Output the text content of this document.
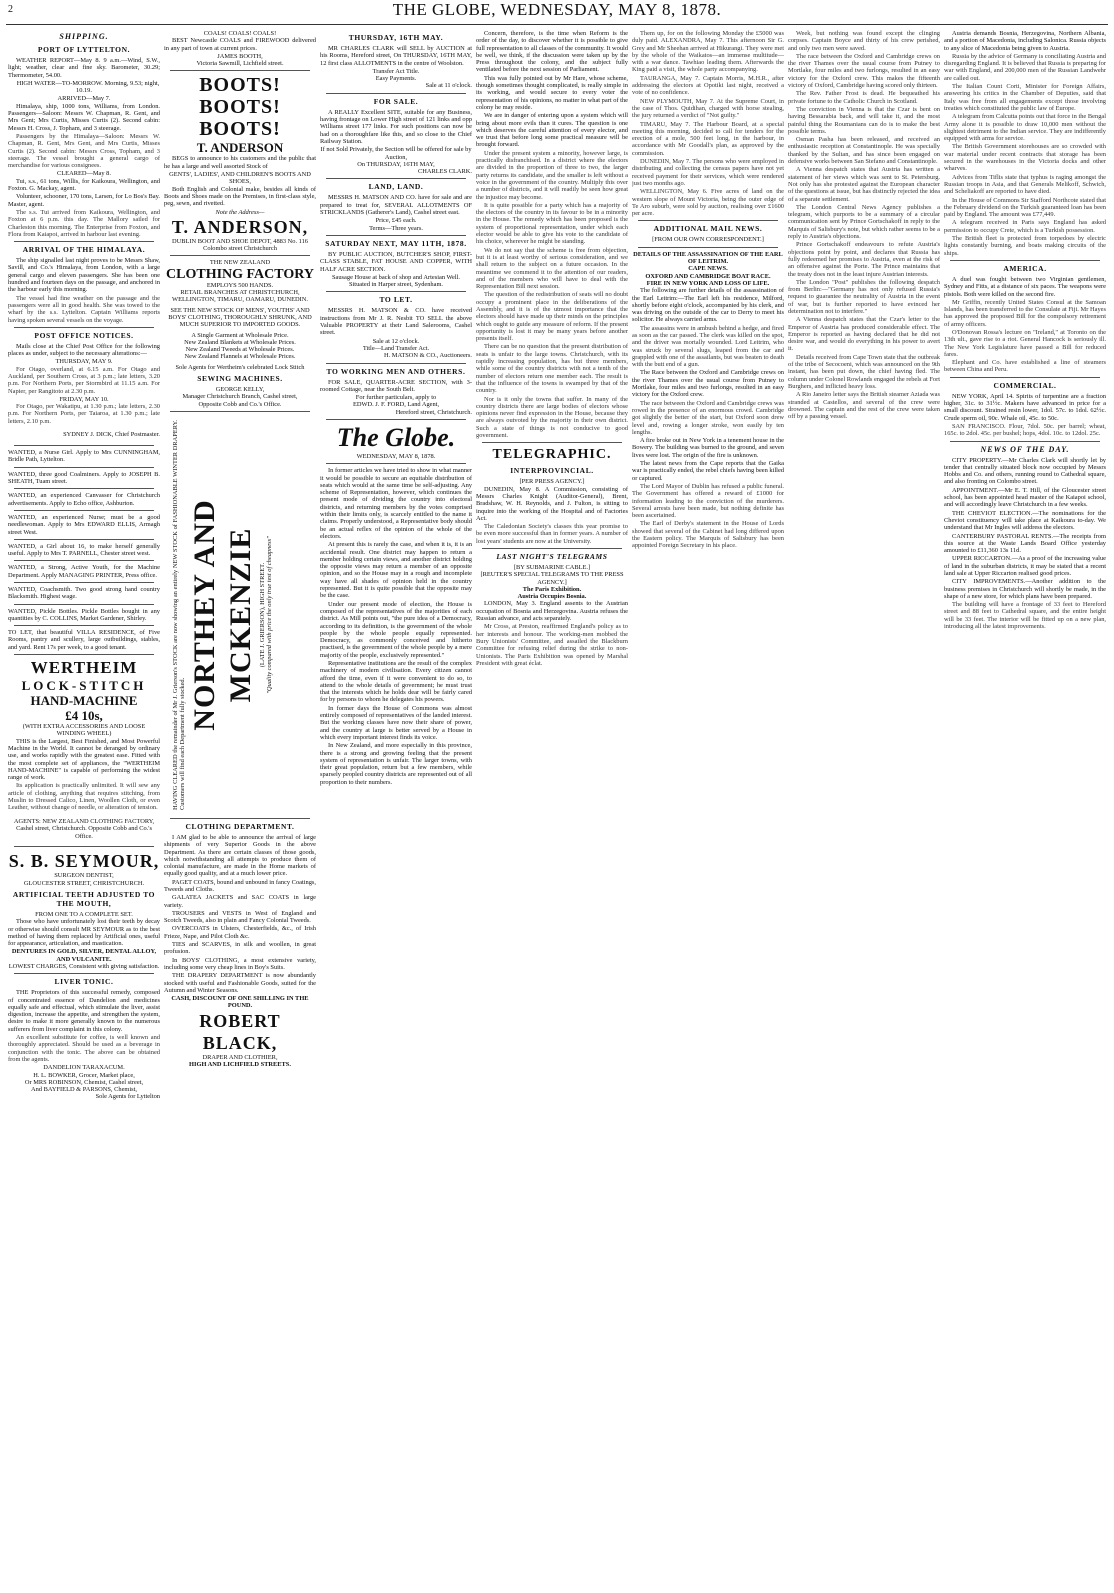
2	THE GLOBE, WEDNESDAY, MAY 8, 1878.
SHIPPING.
PORT OF LYTTELTON.

WEATHER REPORT—May 8. 9 a.m.—Wind, S.W., light; weather, clear and fine sky. Barometer, 30.29; Thermometer, 54.00.

HIGH WATER—TO-MORROW. Morning, 9.53; night, 10.19.

ARRIVED—May 7.

Himalaya, ship, 1000 tons, Williams, from London. Passengers—Saloon: Messrs W. Chapman, R. Gent, and Mrs Gent; Mrs Curtis, Misses Curtis (2). Second cabin: Messrs H. Cross, J. Topham, and 3 steerage.

Passengers by the Himalaya—Saloon: Messrs W. Chapman, R. Gent, Mrs Gent, and Mrs Curtis, Misses Curtis (2). Second cabin: Messrs Cross, Topham, and 3 steerage. The vessel brought a general cargo of merchandise for various consignees.

CLEARED—May 8.

Tui, s.s., 61 tons, Willis, for Kaikoura, Wellington, and Foxton. G. Mackay, agent.

Volunteer, schooner, 170 tons, Larsen, for Lo Bos's Bay. Master, agent.

The s.s. Tui arrived from Kaikoura, Wellington, and Foxton at 6 p.m. this day. The Mallory sailed for Charleston this morning. The Enterprise from Foxton, and Flora from Kaiapoi, arrived in harbour last evening.

ARRIVAL OF THE HIMALAYA.

The ship signalled last night proves to be Messrs Shaw, Savill, and Co.'s Himalaya, from London, with a large general cargo and eleven passengers. She has been one hundred and fourteen days on the passage, and anchored in the harbour early this morning.

The vessel had fine weather on the passage and the passengers were all in good health. She was towed to the wharf by the s.s. Lyttelton. Captain Williams reports having spoken several vessels on the voyage.

POST OFFICE NOTICES.

Mails close at the Chief Post Office for the following places as under, subject to the necessary alterations:—

THURSDAY, MAY 9.

For Otago, overland, at 6.15 a.m. For Otago and Auckland, per Southern Cross, at 3 p.m.; late letters, 3.20 p.m. For Northern Ports, per Stormbird at 11.15 a.m. For Napier, per Rangitoto at 2.30 p.m.

FRIDAY, MAY 10.

For Otago, per Wakatipu, at 1.30 p.m.; late letters, 2.30 p.m. For Northern Ports, per Taiaroa, at 1.30 p.m.; late letters, 2.10 p.m.

SYDNEY J. DICK, Chief Postmaster.

WANTED, a Nurse Girl. Apply to Mrs CUNNINGHAM, Bridle Path, Lyttelton.

WANTED, three good Coalminers. Apply to JOSEPH B. SHEATH, Tuam street.

WANTED, an experienced Canvasser for Christchurch advertisements. Apply to Echo office, Ashburton.

WANTED, an experienced Nurse; must be a good needlewoman. Apply to Mrs EDWARD ELLIS, Armagh street West.

WANTED, a Girl about 16, to make herself generally useful. Apply to Mrs T. PARNELL, Chester street west.

WANTED, a Strong, Active Youth, for the Machine Department. Apply MANAGING PRINTER, Press office.

WANTED, Coachsmith. Two good strong hand country Blacksmith. Highest wage.

WANTED, Pickle Bottles. Pickle Bottles bought in any quantities by C. COLLINS, Market Gardener, Shirley.

TO LET, that beautiful VILLA RESIDENCE, of Five Rooms, pantry and scullery, large outbuildings, stables, and yard. Rent 17s per week, to a good tenant.

WERTHEIM
LOCK-STITCH
HAND-MACHINE
£4 10s,
(WITH EXTRA ACCESSORIES AND LOOSE WINDING WHEEL)

THIS is the Largest, Best Finished, and Most Powerful Machine in the World. It cannot be deranged by ordinary use, and works rapidly with the greatest ease. Fitted with the most complete set of appliances, the "WERTHEIM HAND-MACHINE" is capable of performing the widest range of work.

Its application is practically unlimited. It will sew any article of clothing, anything that requires stitching, from Muslin to Dressed Calico, Linen, Woollen Cloth, or even Leather, without change of needle, or alteration of tension.

AGENTS: NEW ZEALAND CLOTHING FACTORY, Cashel street, Christchurch. Opposite Cobb and Co.'s Office.

S. B. SEYMOUR,
SURGEON DENTIST,
GLOUCESTER STREET, CHRISTCHURCH.
ARTIFICIAL TEETH ADJUSTED TO THE MOUTH,
FROM ONE TO A COMPLETE SET.

Those who have unfortunately lost their teeth by decay or otherwise should consult MR SEYMOUR as to the best method of having them replaced by Artificial ones, useful for appearance, articulation, and mastication.

DENTURES IN GOLD, SILVER, DENTAL ALLOY, AND VULCANITE.
LOWEST CHARGES, Consistent with giving satisfaction.
LIVER TONIC.

THE Proprietors of this successful remedy, composed of concentrated essence of Dandelion and medicines equally safe and effectual, which stimulate the liver, assist digestion, increase the appetite, and strengthen the system, desire to make it more generally known to the numerous sufferers from liver complaint in this colony.

An excellent substitute for coffee, is well known and thoroughly appreciated. Should be used as a beverage in conjunction with the tonic. The above can be obtained from the agents.

DANDELION TARAXACUM.
H. L. BOWKER, Grocer, Market place,
Or MRS ROBINSON, Chemist, Cashel street,
And BAYFIELD & PARSONS, Chemist,
Sole Agents for Lyttelton
COALS! COALS! COALS!

BEST Newcastle COALS and FIREWOOD delivered in any part of town at current prices.

JAMES BOOTH,
Victoria Sawmill, Lichfield street.
BOOTS! BOOTS!
BOOTS!
T. ANDERSON

BEGS to announce to his customers and the public that he has a large and well assorted Stock of

GENTS', LADIES', AND CHILDREN'S BOOTS AND SHOES,

Both English and Colonial make, besides all kinds of Boots and Shoes made on the Premises, in first-class style, peg, sewn, and rivetted.

Note the Address—
T. ANDERSON,
DUBLIN BOOT AND SHOE DEPOT, 4883 No. 116 Colombo street Christchurch
THE NEW ZEALAND
CLOTHING FACTORY
EMPLOYS 500 HANDS.
RETAIL BRANCHES AT CHRISTCHURCH, WELLINGTON, TIMARU, OAMARU, DUNEDIN.
SEE THE NEW STOCK OF MENS', YOUTHS' AND BOYS' CLOTHING, THOROUGHLY SHRUNK, AND MUCH SUPERIOR TO IMPORTED GOODS.
A Single Garment at Wholesale Price.
New Zealand Blankets at Wholesale Prices.
New Zealand Tweeds at Wholesale Prices.
New Zealand Flannels at Wholesale Prices.
Sole Agents for Wertheim's celebrated Lock Stitch
SEWING MACHINES.
GEORGE KELLY,
Manager Christchurch Branch, Cashel street,
Opposite Cobb and Co.'s Office.
HAVING CLEARED the remainder of Mr J. Grierson's STOCK are now showing an entirely NEW STOCK of FASHIONABLE WINTER DRAPERY. Customers will find each Department fully stocked.
NORTHEY AND MCKENZIE (LATE J. GRIERSON), HIGH STREET. "Quality compared with price the only true test of cheapness"
CLOTHING DEPARTMENT.

I AM glad to be able to announce the arrival of large shipments of very Superior Goods in the above Department. As there are certain classes of those goods, which notwithstanding all attempts to produce them of colonial manufacture, are made in the Home markets of equally good quality, and at a much lower price.

PAGET COATS, bound and unbound in fancy Coatings, Tweeds and Cloths.

GALATEA JACKETS and SAC COATS in large variety.

TROUSERS and VESTS in West of England and Scotch Tweeds, also in plain and Fancy Colonial Tweeds.

OVERCOATS in Ulsters, Chesterfields, &c., of Irish Frieze, Nape, and Pilot Cloth &c.

TIES and SCARVES, in silk and woollen, in great profusion.

In BOYS' CLOTHING, a most extensive variety, including some very cheap lines in Boy's Suits.

THE DRAPERY DEPARTMENT is now abundantly stocked with useful and Fashionable Goods, suited for the Autumn and Winter Seasons.

CASH, DISCOUNT OF ONE SHILLING IN THE POUND.
ROBERT BLACK,
DRAPER AND CLOTHIER,
HIGH AND LICHFIELD STREETS.
THURSDAY, 16TH MAY.
MR CHARLES CLARK will SELL by AUCTION at his Rooms, Hereford street, On THURSDAY, 16TH MAY, 12 first class ALLOTMENTS in the centre of Woolston.
Transfer Act Title.
Easy Payments.
Sale at 11 o'clock.
FOR SALE.
A REALLY Excellent SITE, suitable for any Business, having frontage on Lower High street of 121 links and opp Williams street 177 links. For such positions can now be had on a thoroughfare like this, and so close to the Chief Railway Station.
If not Sold Privately, the Section will be offered for sale by Auction,
On THURSDAY, 16TH MAY,
CHARLES CLARK.
LAND, LAND.
MESSRS H. MATSON AND CO. have for sale and are prepared to treat for, SEVERAL ALLOTMENTS OF STRICKLANDS (Gatherer's Land), Cashel street east.
Price, £45 each.
Terms—Three years.
SATURDAY NEXT, MAY 11TH, 1878.
BY PUBLIC AUCTION, BUTCHER'S SHOP, FIRST-CLASS STABLE, FAT HOUSE AND COPPER, WITH HALF ACRE SECTION.
Sausage House at back of shop and Artesian Well.
Situated in Harper street, Sydenham.
TO LET.
MESSRS H. MATSON & CO. have received instructions from Mr J. R. Nesbit TO SELL the above Valuable PROPERTY at their Land Salerooms, Cashel street.
Sale at 12 o'clock.
Title—Land Transfer Act.
H. MATSON & CO., Auctioneers.
TO WORKING MEN AND OTHERS.
FOR SALE, QUARTER-ACRE SECTION, with 3-roomed Cottage, near the South Belt.
For further particulars, apply to
EDWD. J. F. FORD, Land Agent,
Hereford street, Christchurch.
The Globe.
WEDNESDAY, MAY 8, 1878.

In former articles we have tried to show in what manner it would be possible to secure an equitable distribution of seats which would at the same time be self-adjusting. Any scheme of Representation, however, which continues the present mode of dividing the country into electoral districts, and returning members by the votes comprised within their limits only, is scarcely entitled to the name it claims. Properly understood, a Representative body should be an actual reflex of the opinion of the whole of the electors.

At present this is rarely the case, and when it is, it is an accidental result. One district may happen to return a member holding certain views, and another district holding the opposite views may return a member of an opposite opinion, and so the House may in a rough and incomplete way have all shades of opinion held in the country represented. But it is quite possible that the opposite may be the case.

Under our present mode of election, the House is composed of the representatives of the majorities of each district. As Mill points out, "the pure idea of a Democracy, according to its definition, is the government of the whole people by the whole people equally represented. Democracy, as commonly conceived and hitherto practised, is the government of the whole people by a mere majority of the people, exclusively represented."

Representative institutions are the result of the complex machinery of modern civilisation. Every citizen cannot afford the time, even if it were convenient to do so, to attend to the whole details of government; he must trust that the interests which he holds dear will be fairly cared for by persons to whom he delegates his powers.

In former days the House of Commons was almost entirely composed of representatives of the landed interest. But the working classes have now their share of power, and the country at large is better served by a House in which every important interest finds its voice.

In New Zealand, and more especially in this province, there is a strong and growing feeling that the present system of representation is unfair. The larger towns, with their great population, return but a few members, while sparsely peopled country districts are represented out of all proportion to their numbers.

Concern, therefore, is the time when Reform is the order of the day, to discover whether it is possible to give full representation to all classes of the community. It would be well, we think, if the discussion were taken up by the Press throughout the colony, and the subject fully ventilated before the next session of Parliament.

This was fully pointed out by Mr Hare, whose scheme, though sometimes thought complicated, is really simple in its working, and would secure to every voter the representation of his opinions, no matter in what part of the colony he may reside.

We are in danger of entering upon a system which will bring about more evils than it cures. The question is one which deserves the careful attention of every elector, and we trust that before long some practical measure will be brought forward.

Under the present system a minority, however large, is practically disfranchised. In a district where the electors are divided in the proportion of three to two, the larger party returns its candidate, and the smaller is left without a voice in the government of the country. Multiply this over a number of districts, and it will readily be seen how great the injustice may become.

It is quite possible for a party which has a majority of the electors of the country in its favour to be in a minority in the House. The remedy which has been proposed is the system of proportional representation, under which each elector would be able to give his vote to the candidate of his choice, wherever he might be standing.

We do not say that the scheme is free from objection, but it is at least worthy of serious consideration, and we shall return to the subject on a future occasion. In the meantime we commend it to the attention of our readers, and of the members who will have to deal with the Representation Bill next session.

The question of the redistribution of seats will no doubt occupy a prominent place in the deliberations of the Assembly, and it is of the utmost importance that the electors should have made up their minds on the principles which ought to guide any measure of reform. If the present opportunity is lost it may be many years before another presents itself.

There can be no question that the present distribution of seats is unfair to the large towns. Christchurch, with its rapidly increasing population, has but three members, while some of the country districts with not a tenth of the number of electors return one member each. The result is that the influence of the towns is swamped by that of the country.

Nor is it only the towns that suffer. In many of the country districts there are large bodies of electors whose opinions never find expression in the House, because they are always outvoted by the majority in their own district. Such a state of things is not conducive to good government.

TELEGRAPHIC.
INTERPROVINCIAL.
[PER PRESS AGENCY.]

DUNEDIN, May 8. A Commission, consisting of Messrs Charles Knight (Auditor-General), Brent, Bradshaw, W. H. Reynolds, and J. Fulton, is sitting to inquire into the working of the Hospital and of Factories Act.

The Caledonian Society's classes this year promise to be even more successful than in former years. A number of lost years' students are now at the University.

LAST NIGHT'S TELEGRAMS
[BY SUBMARINE CABLE.]
[REUTER'S SPECIAL TELEGRAMS TO THE PRESS AGENCY.]
The Paris Exhibition.
Austria Occupies Bosnia.

LONDON, May 3. England assents to the Austrian occupation of Bosnia and Herzegovina. Austria refuses the Russian advance, and acts separately.

Mr Cross, at Preston, reaffirmed England's policy as to her interests and honour. The working-men mobbed the Bury Unionists' Committee, and assailed the Blackburn Committee for refusing relief during the strike to non-Unionists. The Paris Exhibition was opened by Marshal President with great éclat.

Them up, for on the following Monday the £5000 was duly paid. ALEXANDRA, May 7. This afternoon Sir G. Grey and Mr Sheehan arrived at Hikurangi. They were met by the whole of the Waikatos—an immense multitude—with a war dance. Tawhiao leading them. Afterwards the King paid a visit, the whole party accompanying.

TAURANGA, May 7. Captain Morris, M.H.R., after addressing the electors at Opotiki last night, received a vote of no confidence.

NEW PLYMOUTH, May 7. At the Supreme Court, in the case of Thos. Quidihan, charged with horse stealing, the jury returned a verdict of "Not guilty."

TIMARU, May 7. The Harbour Board, at a special meeting this morning, decided to call for tenders for the erection of a mole, 500 feet long, in the harbour, in accordance with Mr Goodall's plan, as approved by the commission.

DUNEDIN, May 7. The persons who were employed in distributing and collecting the census papers have not yet received payment for their services, which were rendered just two months ago.

WELLINGTON, May 6. Five acres of land on the western slope of Mount Victoria, being the outer edge of Te Aro suburb, were sold by auction, realising over £1600 per acre.

ADDITIONAL MAIL NEWS.
[FROM OUR OWN CORRESPONDENT.]
DETAILS OF THE ASSASSINATION OF THE EARL OF LEITRIM.
CAPE NEWS.
OXFORD AND CAMBRIDGE BOAT RACE.
FIRE IN NEW YORK AND LOSS OF LIFE.

The following are further details of the assassination of the Earl Leitrim:—The Earl left his residence, Milford, shortly before eight o'clock, accompanied by his clerk, and was driving on the outside of the car to Derry to meet his solicitor. He always carried arms.

The assassins were in ambush behind a hedge, and fired as soon as the car passed. The clerk was killed on the spot, and the driver was mortally wounded. Lord Leitrim, who was struck by several slugs, leaped from the car and grappled with one of the assailants, but was beaten to death with the butt end of a gun.

The Race between the Oxford and Cambridge crews on the river Thames over the usual course from Putney to Mortlake, four miles and two furlongs, resulted in an easy victory for the Oxford crew.

The race between the Oxford and Cambridge crews was rowed in the presence of an enormous crowd. Cambridge got slightly the better of the start, but Oxford soon drew level and, rowing a longer stroke, won easily by ten lengths.

A fire broke out in New York in a tenement house in the Bowery. The building was burned to the ground, and seven lives were lost. The origin of the fire is unknown.

The latest news from the Cape reports that the Gaika war is practically ended, the rebel chiefs having been killed or captured.

The Lord Mayor of Dublin has refused a public funeral. The Government has offered a reward of £1000 for information leading to the conviction of the murderers. Several arrests have been made, but nothing definite has been ascertained.

The Earl of Derby's statement in the House of Lords showed that several of the Cabinet had long differed upon the Eastern policy. The Marquis of Salisbury has been appointed Foreign Secretary in his place.

Week, but nothing was found except the clinging corpses. Captain Boyce and thirty of his crew perished, and only two men were saved.

The race between the Oxford and Cambridge crews on the river Thames over the usual course from Putney to Mortlake, four miles and two furlongs, resulted in an easy victory for the Oxford crew. This makes the fifteenth victory of Oxford, Cambridge having scored only thirteen.

The Rev. Father Frost is dead. He bequeathed his private fortune to the Catholic Church in Scotland.

The conviction in Vienna is that the Czar is bent on having Bessarabia back, and will take it, and the most painful thing the Roumanians can do is to make the best possible terms.

Osman Pasha has been released, and received an enthusiastic reception at Constantinople. He was specially thanked by the Sultan, and has since been engaged on defensive works between San Stefano and Constantinople.

A Vienna despatch states that Austria has written a statement of her views which was sent to St. Petersburg. Not only has she protested against the European character of the questions at issue, but has distinctly rejected the idea of a separate settlement.

The London Central News Agency publishes a telegram, which purports to be a summary of a circular communication sent by Prince Gortschakoff in reply to the Marquis of Salisbury's note, but which rather seems to be a reply to Austria's objections.

Prince Gortschakoff endeavours to refute Austria's objections point by point, and declares that Russia has fully redeemed her promises to Austria, even at the risk of an offensive against the Porte. The Prince maintains that the treaty does not in the least injure Austrian interests.

The London "Post" publishes the following despatch from Berlin:—"Germany has not only refused Russia's request to guarantee the neutrality of Austria in the event of war, but is further reported to have evinced her determination not to interfere."

A Vienna despatch states that the Czar's letter to the Emperor of Austria has produced considerable effect. The Emperor is reported as having declared that he did not desire war, and would do everything in his power to avert it.

Details received from Cape Town state that the outbreak of the tribe of Secocoeni, which was announced on the 9th instant, has been put down, the chief having fled. The column under Colonel Rowlands engaged the rebels at Fort Burghers, and inflicted heavy loss.

A Rio Janeiro letter says the British steamer Aziada was stranded at Castellos, and several of the crew were drowned. The captain and the rest of the crew were taken off by a passing vessel.

Austria demands Bosnia, Herzegovina, Northern Albania, and a portion of Macedonia, including Salonica. Russia objects to any slice of Macedonia being given to Austria.

Russia by the advice of Germany is conciliating Austria and disregarding England. It is believed that Russia is preparing for war with England, and 200,000 men of the Russian Landwehr are called out.

The Italian Count Corti, Minister for Foreign Affairs, answering his critics in the Chamber of Deputies, said that Italy was free from all engagements except those involving treaties which constituted the public law of Europe.

A telegram from Calcutta points out that force in the Bengal Army alone it is possible to draw 10,000 men without the slightest detriment to the Indian service. They are indifferently equipped with arms for service.

The British Government storehouses are so crowded with war material under recent contracts that storage has been secured in the warehouses in the Victoria docks and other wharves.

Advices from Tiflis state that typhus is raging amongst the Russian troops in Asia, and that Generals Melikoff, Schwich, and Scheliakoff are reported to have died.

In the House of Commons Sir Stafford Northcote stated that the February dividend on the Turkish guaranteed loan has been paid by England. The amount was £77,449.

A telegram received in Paris says England has asked permission to occupy Crete, which is a Turkish possession.

The British fleet is protected from torpedoes by electric lights constantly burning, and boats making circuits of the ships.

AMERICA.

A duel was fought between two Virginian gentlemen, Sydney and Fitts, at a distance of six paces. The weapons were pistols. Both were killed on the second fire.

Mr Griffin, recently United States Consul at the Samoan Islands, has been transferred to the Consulate at Fiji. Mr Hayes has approved the proposed Bill for the compulsory retirement of army officers.

O'Donovan Rossa's lecture on "Ireland," at Toronto on the 13th ult., gave rise to a riot. General Hancock is seriously ill. The New York Legislature have passed a Bill for reduced fares.

Elephant and Co. have established a line of steamers between China and Peru.

COMMERCIAL.

NEW YORK, April 14. Spirits of turpentine are a fraction higher, 31c. to 31½c. Makers have advanced in price for a small discount. Strained resin lower, 1dol. 57c. to 1dol. 62½c. Crude sperm oil, 90c. Whale oil, 45c. to 50c.

SAN FRANCISCO. Flour, 7dol. 50c. per barrel; wheat, 165c. to 2dol. 45c. per bushel; hops, 4dol. 10c. to 12dol. 25c.

NEWS OF THE DAY.

CITY PROPERTY.—Mr Charles Clark will shortly let by tender that centrally situated block now occupied by Messrs Hobbs and Co. and others, running round to Cathedral square, and also fronting on Colombo street.

APPOINTMENT.—Mr E. T. Hill, of the Gloucester street school, has been appointed head master of the Kaiapoi school, and will accordingly leave Christchurch in a few weeks.

THE CHEVIOT ELECTION.—The nominations for the Cheviot constituency will take place at Kaikoura to-day. We understand that Mr Ingles will address the electors.

CANTERBURY PASTORAL RENTS.—The receipts from this source at the Waste Lands Board Office yesterday amounted to £11,360 13s 11d.

UPPER RICCARTON.—As a proof of the increasing value of land in the suburban districts, it may be stated that a recent land sale at Upper Riccarton realised good prices.

CITY IMPROVEMENTS.—Another addition to the business premises in Christchurch will shortly be made, in the shape of a new store, for which plans have been prepared.

The building will have a frontage of 33 feet to Hereford street and 88 feet to Cathedral square, and the entire height will be 33 feet. The interior will be fitted up on a new plan, introducing all the latest improvements.
